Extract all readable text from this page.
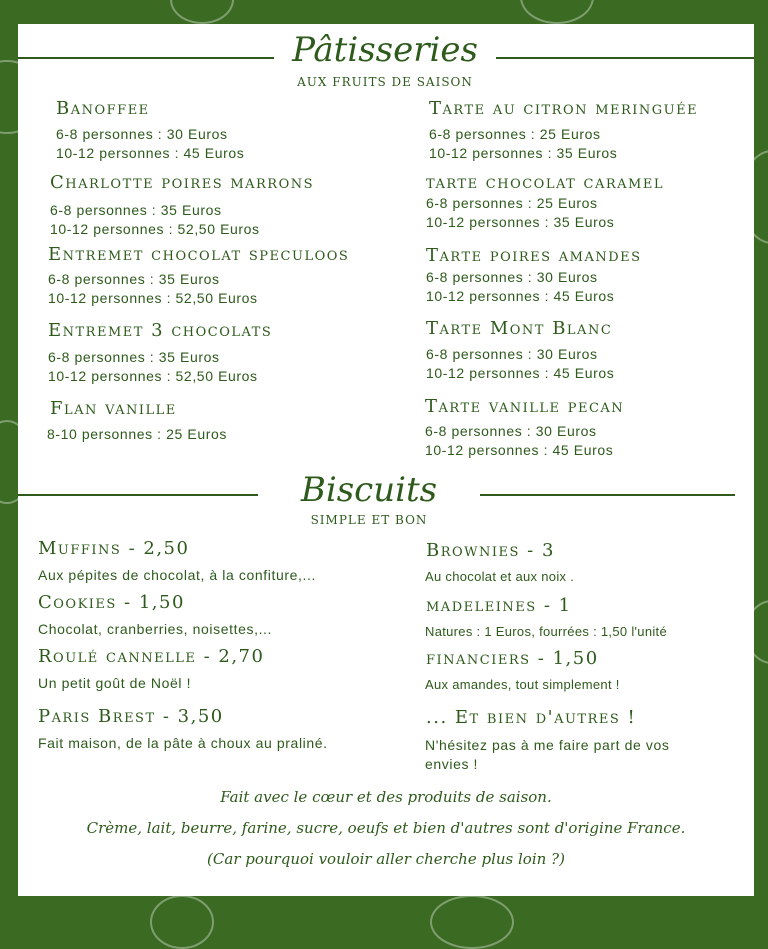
Pâtisseries
AUX FRUITS DE SAISON
Banoffee
6-8 personnes : 30 Euros
10-12 personnes : 45 Euros
Charlotte poires marrons
6-8 personnes : 35 Euros
10-12 personnes : 52,50 Euros
Entremet chocolat speculoos
6-8 personnes : 35 Euros
10-12 personnes : 52,50 Euros
Entremet 3 chocolats
6-8 personnes : 35 Euros
10-12 personnes : 52,50 Euros
Flan vanille
8-10 personnes : 25 Euros
Tarte au citron meringuée
6-8 personnes : 25 Euros
10-12 personnes : 35 Euros
tarte chocolat caramel
6-8 personnes : 25 Euros
10-12 personnes : 35 Euros
Tarte poires amandes
6-8 personnes : 30 Euros
10-12 personnes : 45 Euros
Tarte Mont Blanc
6-8 personnes : 30 Euros
10-12 personnes : 45 Euros
Tarte vanille pecan
6-8 personnes : 30 Euros
10-12 personnes : 45 Euros
Biscuits
SIMPLE ET BON
Muffins - 2,50
Aux pépites de chocolat, à la confiture,...
Cookies - 1,50
Chocolat, cranberries, noisettes,...
Roulé cannelle - 2,70
Un petit goût de Noël !
Paris Brest - 3,50
Fait maison, de la pâte à choux au praliné.
Brownies - 3
Au chocolat et aux noix .
madeleines - 1
Natures : 1 Euros, fourrées : 1,50 l'unité
financiers - 1,50
Aux amandes, tout simplement !
... Et bien d'autres !
N'hésitez pas à me faire part de vos
envies !
Fait avec le cœur et des produits de saison.
Crème, lait, beurre, farine, sucre, oeufs et bien d'autres sont d'origine France.
(Car pourquoi vouloir aller cherche plus loin ?)
